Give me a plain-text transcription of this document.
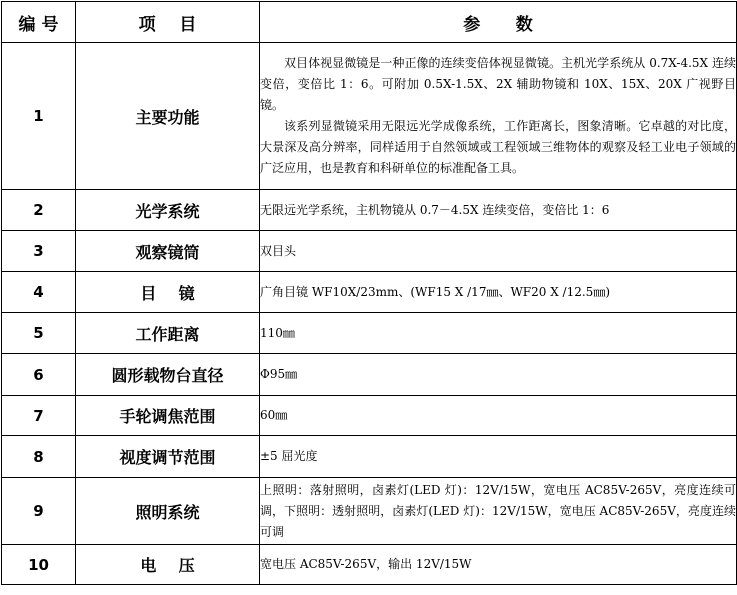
编 号	项    目	参      数
1	主要功能	双目体视显微镜是一种正像的连续变倍体视显微镜。主机光学系统从 0.7X-4.5X 连续变倍，变倍比 1：6。可附加 0.5X-1.5X、2X 辅助物镜和 10X、15X、20X 广视野目镜。

该系列显微镜采用无限远光学成像系统，工作距离长，图象清晰。它卓越的对比度，大景深及高分辨率，同样适用于自然领域或工程领域三维物体的观察及轻工业电子领域的广泛应用，也是教育和科研单位的标准配备工具。

2	光学系统	无限远光学系统，主机物镜从 0.7－4.5X 连续变倍，变倍比 1：6
3	观察镜筒	双目头
4	目    镜	广角目镜 WF10X/23mm、(WF15 X /17㎜、WF20 X /12.5㎜)
5	工作距离	110㎜
6	圆形载物台直径	Φ95㎜
7	手轮调焦范围	60㎜
8	视度调节范围	±5 屈光度
9	照明系统	上照明：落射照明，卤素灯(LED 灯)：12V/15W，宽电压 AC85V-265V，亮度连续可调，下照明：透射照明，卤素灯(LED 灯)：12V/15W，宽电压 AC85V-265V，亮度连续可调
10	电    压	宽电压 AC85V-265V，输出 12V/15W
